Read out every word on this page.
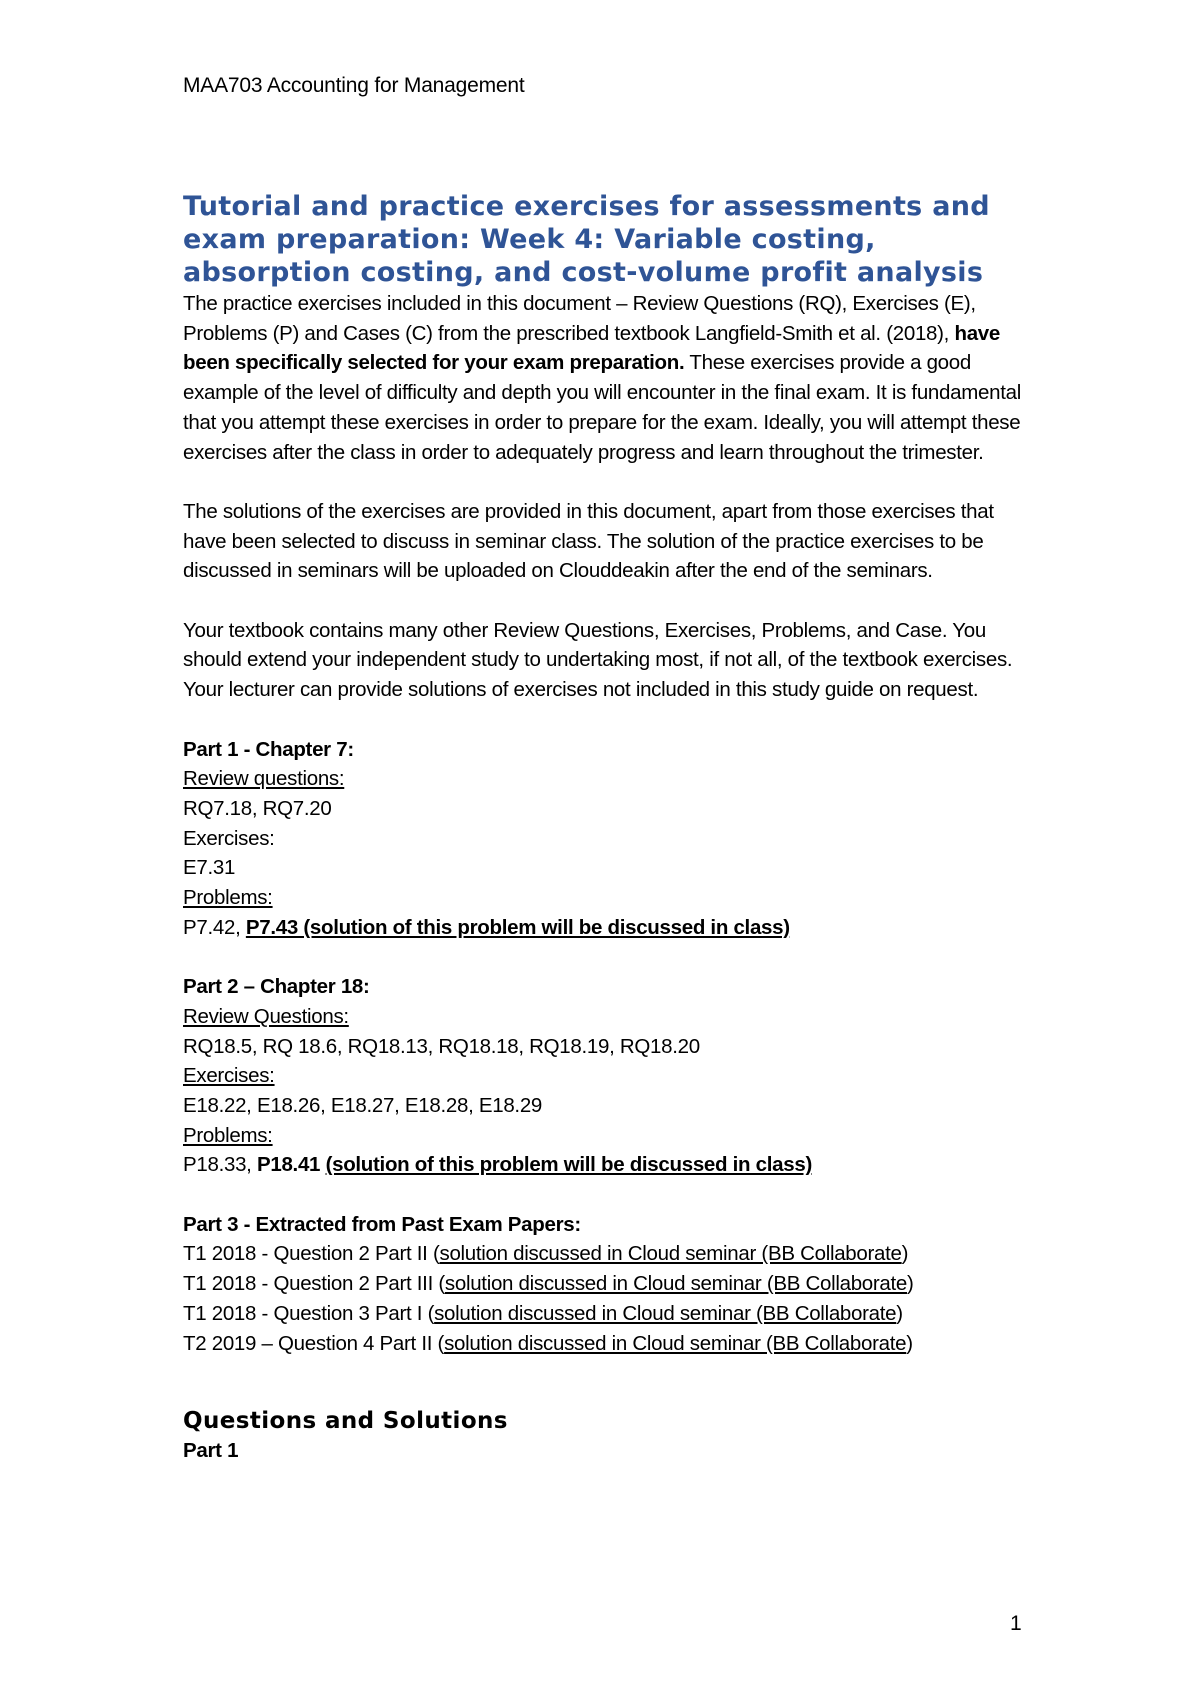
MAA703 Accounting for Management
Tutorial and practice exercises for assessments and
exam preparation: Week 4: Variable costing,
absorption costing, and cost-volume profit analysis

The practice exercises included in this document – Review Questions (RQ), Exercises (E), Problems (P) and Cases (C) from the prescribed textbook Langfield-Smith et al. (2018), have been specifically selected for your exam preparation. These exercises provide a good example of the level of difficulty and depth you will encounter in the final exam. It is fundamental that you attempt these exercises in order to prepare for the exam. Ideally, you will attempt these exercises after the class in order to adequately progress and learn throughout the trimester.

The solutions of the exercises are provided in this document, apart from those exercises that have been selected to discuss in seminar class. The solution of the practice exercises to be discussed in seminars will be uploaded on Clouddeakin after the end of the seminars.

Your textbook contains many other Review Questions, Exercises, Problems, and Case. You should extend your independent study to undertaking most, if not all, of the textbook exercises. Your lecturer can provide solutions of exercises not included in this study guide on request.

Part 1 - Chapter 7:

Review questions:

RQ7.18, RQ7.20

Exercises:

E7.31

Problems:

P7.42, P7.43 (solution of this problem will be discussed in class)

Part 2 – Chapter 18:

Review Questions:

RQ18.5, RQ 18.6, RQ18.13, RQ18.18, RQ18.19, RQ18.20

Exercises:

E18.22, E18.26, E18.27, E18.28, E18.29

Problems:

P18.33, P18.41 (solution of this problem will be discussed in class)

Part 3 - Extracted from Past Exam Papers:

T1 2018 - Question 2 Part II (solution discussed in Cloud seminar (BB Collaborate)

T1 2018 - Question 2 Part III (solution discussed in Cloud seminar (BB Collaborate)

T1 2018 - Question 3 Part I (solution discussed in Cloud seminar (BB Collaborate)

T2 2019 – Question 4 Part II (solution discussed in Cloud seminar (BB Collaborate)

Questions and Solutions

Part 1

1
